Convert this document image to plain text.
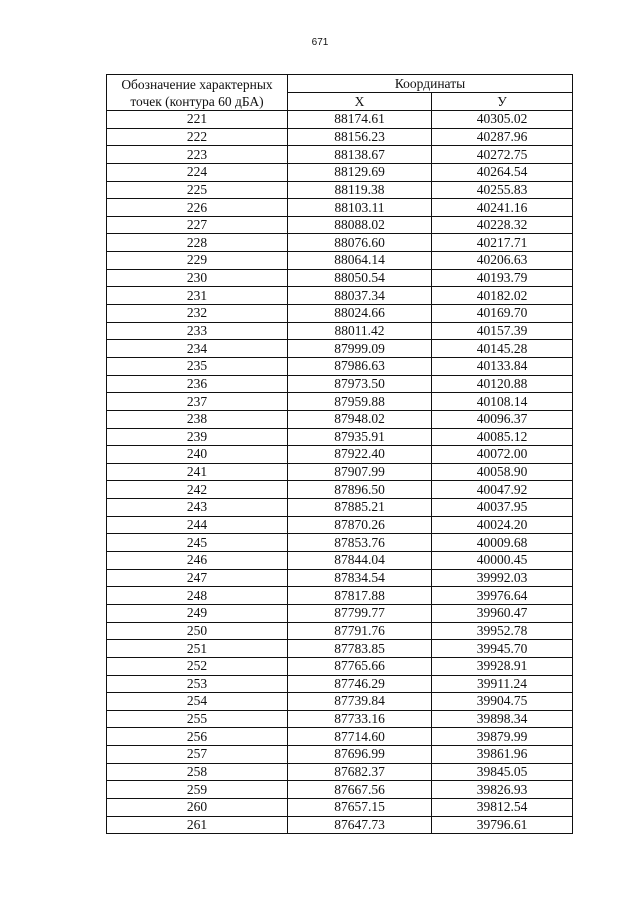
671
Обозначение характерных
точек (контура 60 дБА)	Координаты	
	Х	У
221	88174.61	40305.02
222	88156.23	40287.96
223	88138.67	40272.75
224	88129.69	40264.54
225	88119.38	40255.83
226	88103.11	40241.16
227	88088.02	40228.32
228	88076.60	40217.71
229	88064.14	40206.63
230	88050.54	40193.79
231	88037.34	40182.02
232	88024.66	40169.70
233	88011.42	40157.39
234	87999.09	40145.28
235	87986.63	40133.84
236	87973.50	40120.88
237	87959.88	40108.14
238	87948.02	40096.37
239	87935.91	40085.12
240	87922.40	40072.00
241	87907.99	40058.90
242	87896.50	40047.92
243	87885.21	40037.95
244	87870.26	40024.20
245	87853.76	40009.68
246	87844.04	40000.45
247	87834.54	39992.03
248	87817.88	39976.64
249	87799.77	39960.47
250	87791.76	39952.78
251	87783.85	39945.70
252	87765.66	39928.91
253	87746.29	39911.24
254	87739.84	39904.75
255	87733.16	39898.34
256	87714.60	39879.99
257	87696.99	39861.96
258	87682.37	39845.05
259	87667.56	39826.93
260	87657.15	39812.54
261	87647.73	39796.61
